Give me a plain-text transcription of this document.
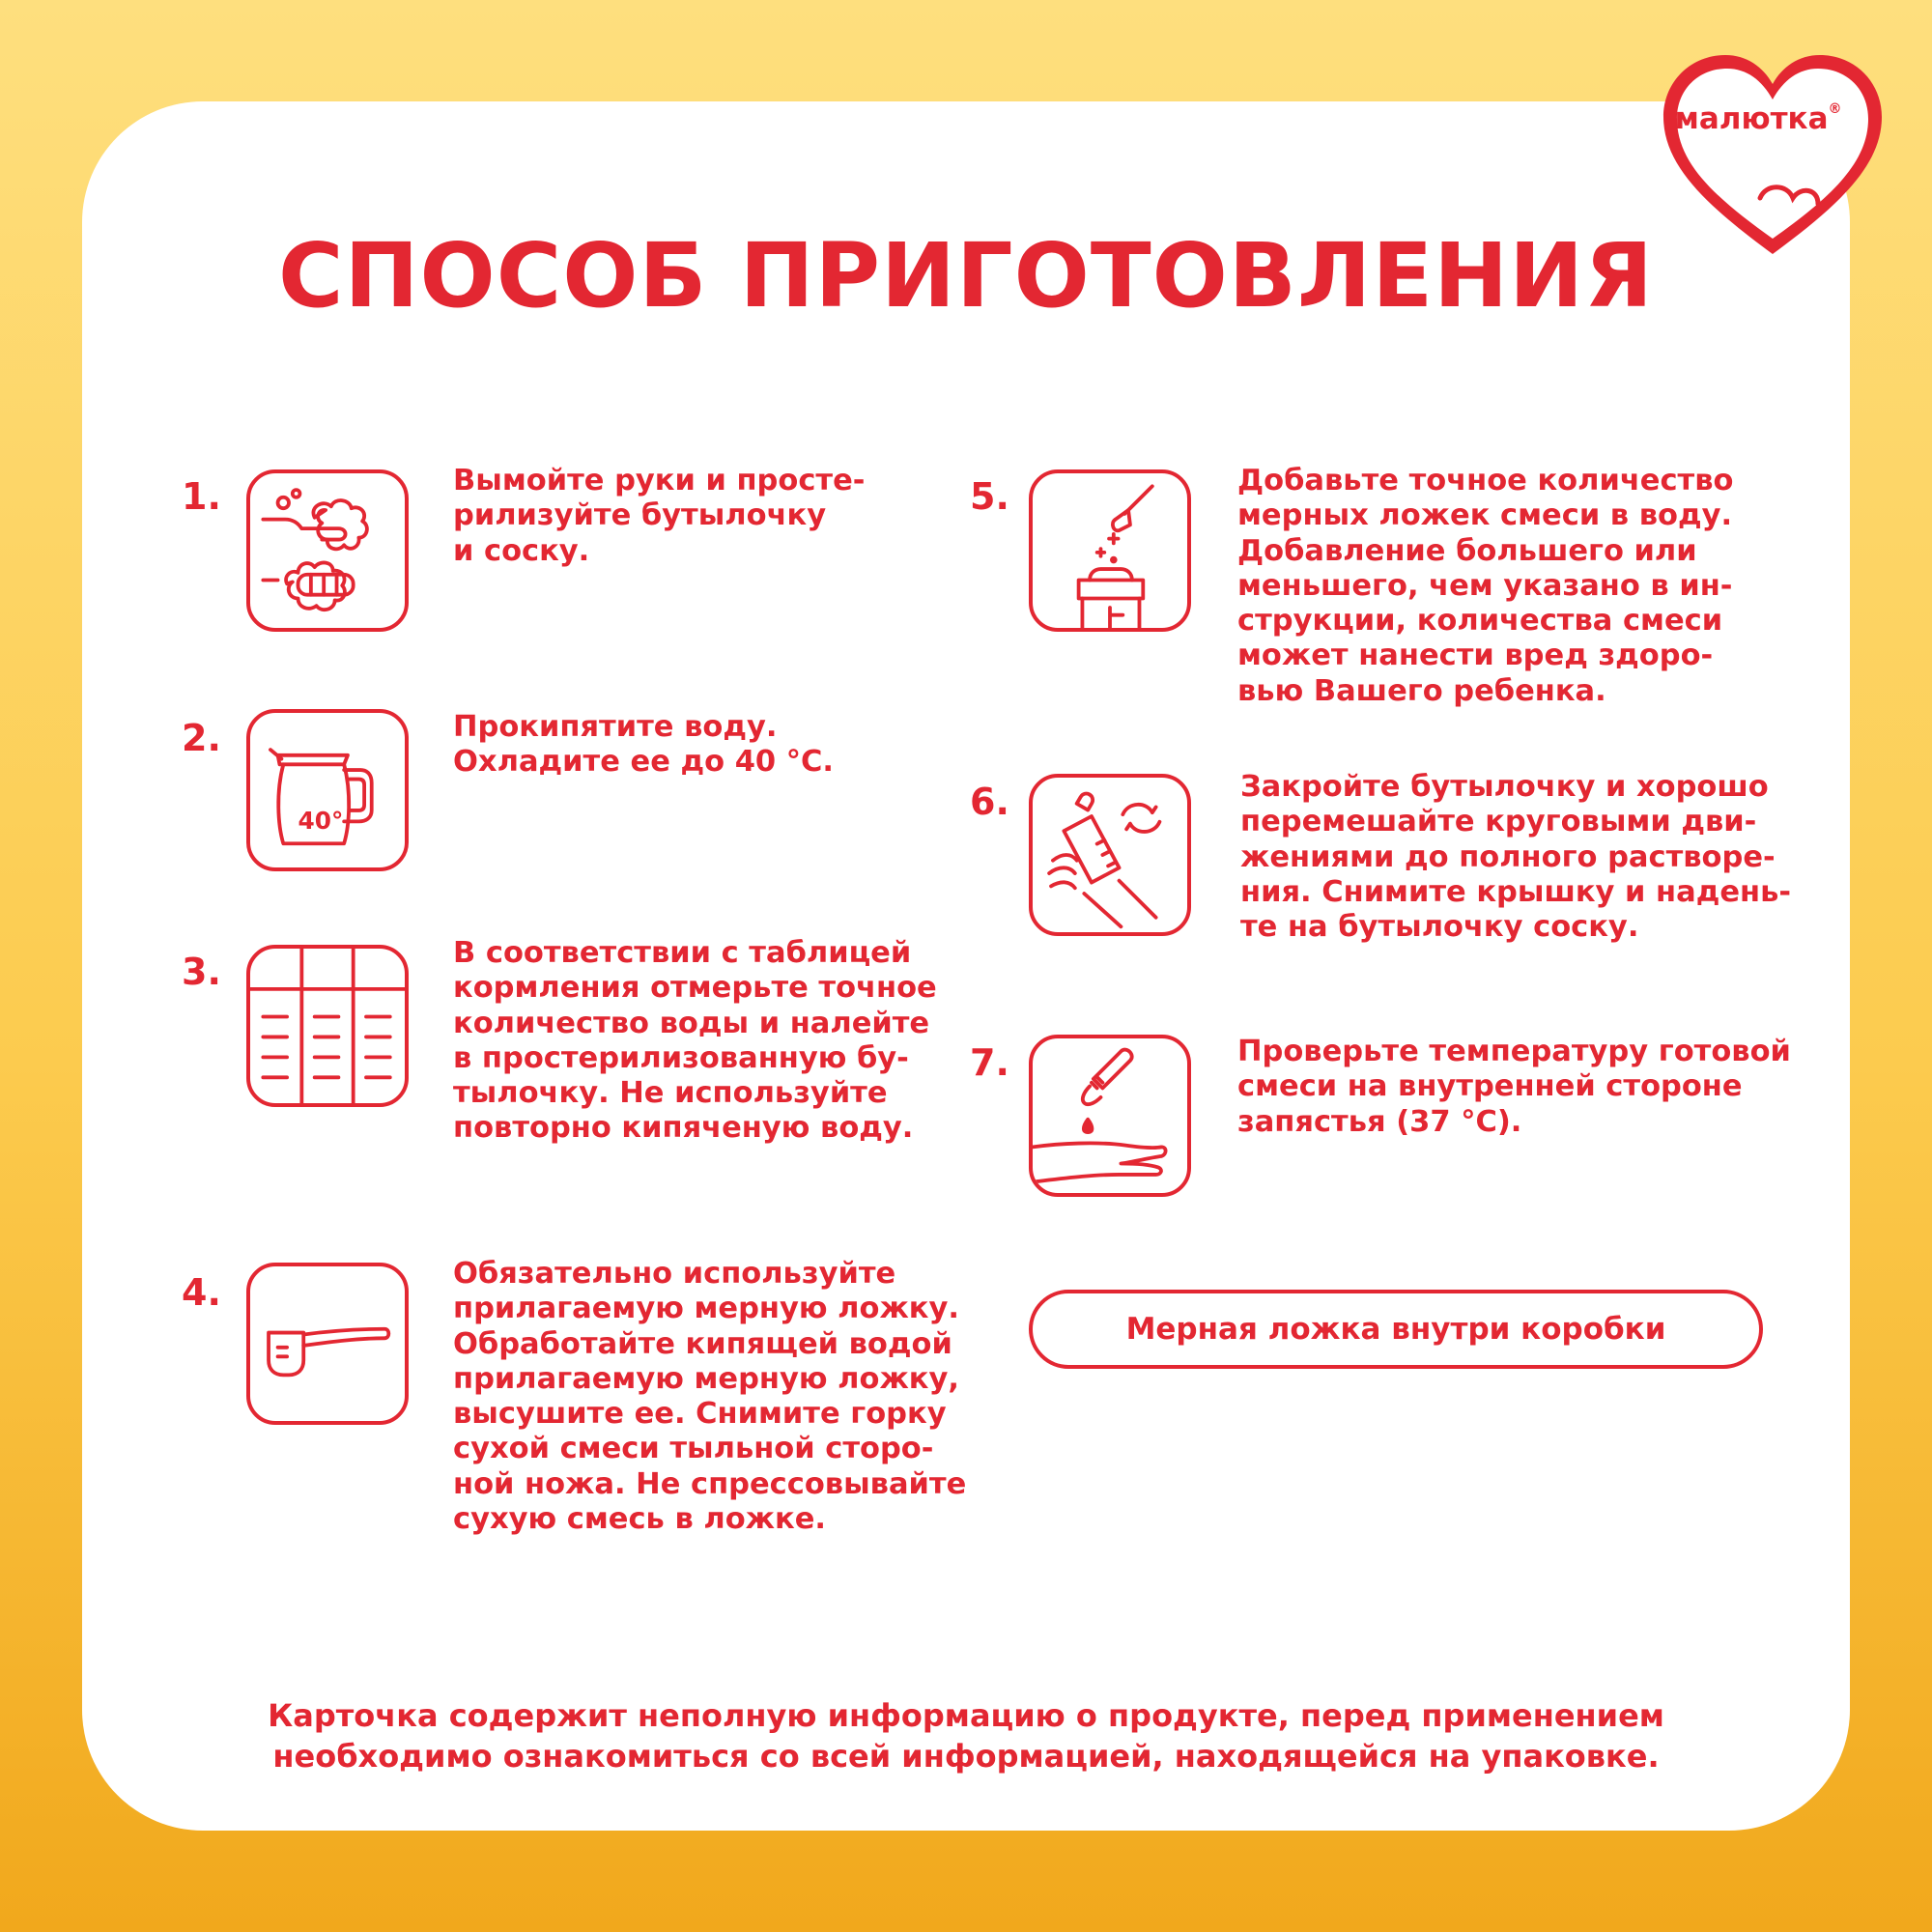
малютка®
СПОСОБ ПРИГОТОВЛЕНИЯ
1.	Вымойте руки и просте-
рилизуйте бутылочку
и соску.

2.
40°

Прокипятите воду.
Охладите ее до 40 °C.

3.	В соответствии с таблицей
кормления отмерьте точное
количество воды и налейте
в простерилизованную бу-
тылочку. Не используйте
повторно кипяченую воду.

4.	Обязательно используйте
прилагаемую мерную ложку.
Обработайте кипящей водой
прилагаемую мерную ложку,
высушите ее. Снимите горку
сухой смеси тыльной сторо-
ной ножа. Не спрессовывайте
сухую смесь в ложке.

5.	Добавьте точное количество
мерных ложек смеси в воду.
Добавление большего или
меньшего, чем указано в ин-
струкции, количества смеси
может нанести вред здоро-
вью Вашего ребенка.

6.	Закройте бутылочку и хорошо
перемешайте круговыми дви-
жениями до полного растворе-
ния. Снимите крышку и надень-
те на бутылочку соску.

7.	Проверьте температуру готовой
смеси на внутренней стороне
запястья (37 °C).

Мерная ложка внутри коробки

Карточка содержит неполную информацию о продукте, перед применением
необходимо ознакомиться со всей информацией, находящейся на упаковке.
